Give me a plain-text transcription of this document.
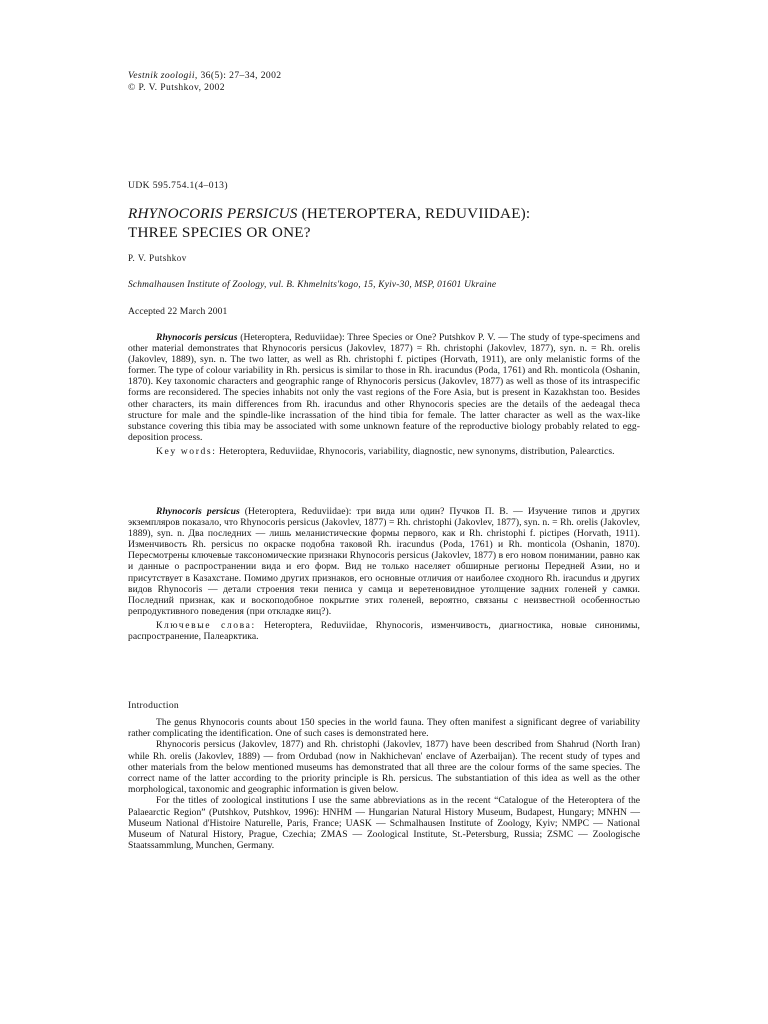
Vestnik zoologii, 36(5): 27–34, 2002
© P. V. Putshkov, 2002
UDK 595.754.1(4–013)
RHYNOCORIS PERSICUS (HETEROPTERA, REDUVIIDAE):
THREE SPECIES OR ONE?
P. V. Putshkov
Schmalhausen Institute of Zoology, vul. B. Khmelnits'kogo, 15, Kyiv-30, MSP, 01601 Ukraine
Accepted 22 March 2001

Rhynocoris persicus (Heteroptera, Reduviidae): Three Species or One? Putshkov P. V. — The study of type-specimens and other material demonstrates that Rhynocoris persicus (Jakovlev, 1877) = Rh. christophi (Jakovlev, 1877), syn. n. = Rh. orelis (Jakovlev, 1889), syn. n. The two latter, as well as Rh. christophi f. pictipes (Horvath, 1911), are only melanistic forms of the former. The type of colour variability in Rh. persicus is similar to those in Rh. iracundus (Poda, 1761) and Rh. monticola (Oshanin, 1870). Key taxonomic characters and geographic range of Rhynocoris persicus (Jakovlev, 1877) as well as those of its intraspecific forms are reconsidered. The species inhabits not only the vast regions of the Fore Asia, but is present in Kazakhstan too. Besides other characters, its main differences from Rh. iracundus and other Rhynocoris species are the details of the aedeagal theca structure for male and the spindle-like incrassation of the hind tibia for female. The latter character as well as the wax-like substance covering this tibia may be associated with some unknown feature of the reproductive biology probably related to egg-deposition process.

Key words: Heteroptera, Reduviidae, Rhynocoris, variability, diagnostic, new synonyms, distribution, Palearctics.

Rhynocoris persicus (Heteroptera, Reduviidae): три вида или один? Пучков П. В. — Изучение типов и других экземпляров показало, что Rhynocoris persicus (Jakovlev, 1877) = Rh. christophi (Jakovlev, 1877), syn. n. = Rh. orelis (Jakovlev, 1889), syn. n. Два последних — лишь меланистические формы первого, как и Rh. christophi f. pictipes (Horvath, 1911). Изменчивость Rh. persicus по окраске подобна таковой Rh. iracundus (Poda, 1761) и Rh. monticola (Oshanin, 1870). Пересмотрены ключевые таксономические признаки Rhynocoris persicus (Jakovlev, 1877) в его новом понимании, равно как и данные о распространении вида и его форм. Вид не только населяет обширные регионы Передней Азии, но и присутствует в Казахстане. Помимо других признаков, его основные отличия от наиболее сходного Rh. iracundus и других видов Rhynocoris — детали строения теки пениса у самца и веретеновидное утолщение задних голеней у самки. Последний признак, как и воскоподобное покрытие этих голеней, вероятно, связаны с неизвестной особенностью репродуктивного поведения (при откладке яиц?).

Ключевые слова: Heteroptera, Reduviidae, Rhynocoris, изменчивость, диагностика, новые синонимы, распространение, Палеарктика.

Introduction

The genus Rhynocoris counts about 150 species in the world fauna. They often manifest a significant degree of variability rather complicating the identification. One of such cases is demonstrated here.

Rhynocoris persicus (Jakovlev, 1877) and Rh. christophi (Jakovlev, 1877) have been described from Shahrud (North Iran) while Rh. orelis (Jakovlev, 1889) — from Ordubad (now in Nakhichevan' enclave of Azerbaijan). The recent study of types and other materials from the below mentioned museums has demonstrated that all three are the colour forms of the same species. The correct name of the latter according to the priority principle is Rh. persicus. The substantiation of this idea as well as the other morphological, taxonomic and geographic information is given below.

For the titles of zoological institutions I use the same abbreviations as in the recent “Catalogue of the Heteroptera of the Palaearctic Region” (Putshkov, Putshkov, 1996): HNHM — Hungarian Natural History Museum, Budapest, Hungary; MNHN — Museum National d'Histoire Naturelle, Paris, France; UASK — Schmalhausen Institute of Zoology, Kyiv; NMPC — National Museum of Natural History, Prague, Czechia; ZMAS — Zoological Institute, St.-Petersburg, Russia; ZSMC — Zoologische Staatssammlung, Munchen, Germany.
